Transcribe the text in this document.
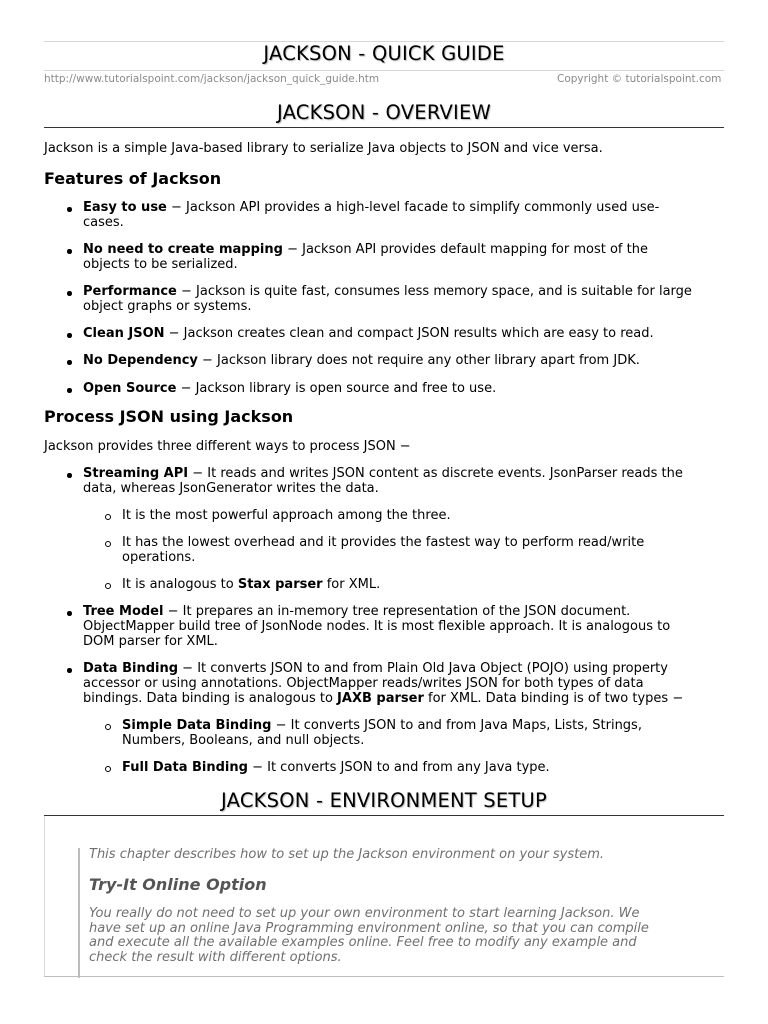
JACKSON - QUICK GUIDE
http://www.tutorialspoint.com/jackson/jackson_quick_guide.htm	Copyright © tutorialspoint.com
JACKSON - OVERVIEW
Jackson is a simple Java-based library to serialize Java objects to JSON and vice versa.
Features of Jackson
Easy to use − Jackson API provides a high-level facade to simplify commonly used use-
cases.
No need to create mapping − Jackson API provides default mapping for most of the
objects to be serialized.
Performance − Jackson is quite fast, consumes less memory space, and is suitable for large
object graphs or systems.
Clean JSON − Jackson creates clean and compact JSON results which are easy to read.
No Dependency − Jackson library does not require any other library apart from JDK.
Open Source − Jackson library is open source and free to use.
Process JSON using Jackson
Jackson provides three different ways to process JSON −
Streaming API − It reads and writes JSON content as discrete events. JsonParser reads the
data, whereas JsonGenerator writes the data.
It is the most powerful approach among the three.
It has the lowest overhead and it provides the fastest way to perform read/write
operations.
It is analogous to Stax parser for XML.
Tree Model − It prepares an in-memory tree representation of the JSON document.
ObjectMapper build tree of JsonNode nodes. It is most flexible approach. It is analogous to
DOM parser for XML.
Data Binding − It converts JSON to and from Plain Old Java Object (POJO) using property
accessor or using annotations. ObjectMapper reads/writes JSON for both types of data
bindings. Data binding is analogous to JAXB parser for XML. Data binding is of two types −
Simple Data Binding − It converts JSON to and from Java Maps, Lists, Strings,
Numbers, Booleans, and null objects.
Full Data Binding − It converts JSON to and from any Java type.
JACKSON - ENVIRONMENT SETUP
This chapter describes how to set up the Jackson environment on your system.
Try-It Online Option
You really do not need to set up your own environment to start learning Jackson. We
have set up an online Java Programming environment online, so that you can compile
and execute all the available examples online. Feel free to modify any example and
check the result with different options.
